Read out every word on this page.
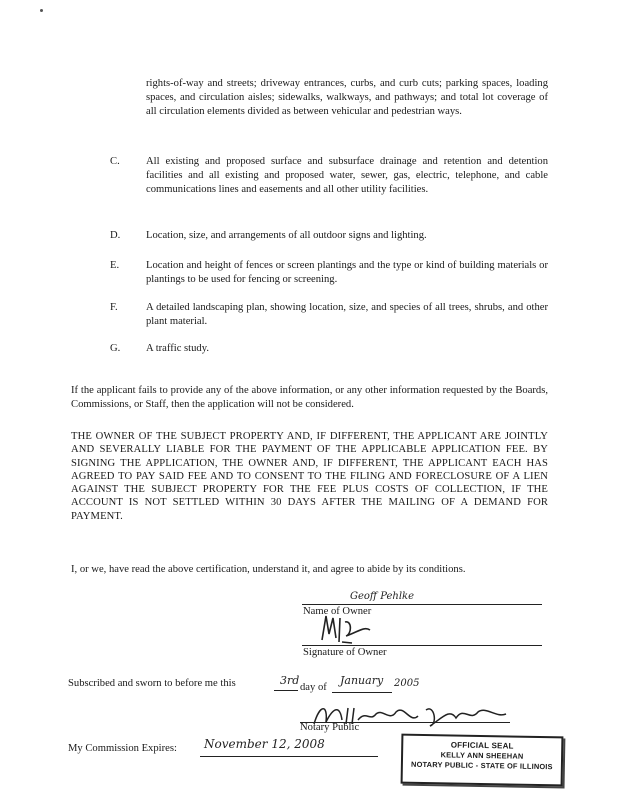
rights-of-way and streets; driveway entrances, curbs, and curb cuts; parking spaces, loading spaces, and circulation aisles; sidewalks, walkways, and pathways; and total lot coverage of all circulation elements divided as between vehicular and pedestrian ways.

C. All existing and proposed surface and subsurface drainage and retention and detention facilities and all existing and proposed water, sewer, gas, electric, telephone, and cable communications lines and easements and all other utility facilities.

D. Location, size, and arrangements of all outdoor signs and lighting.

E.	Location and height of fences or screen plantings and the type or kind of building materials or plantings to be used for fencing or screening.

F.	A detailed landscaping plan, showing location, size, and species of all trees, shrubs, and other plant material.

G. A traffic study.

If the applicant fails to provide any of the above information, or any other information requested by the Boards, Commissions, or Staff, then the application will not be considered.

THE OWNER OF THE SUBJECT PROPERTY AND, IF DIFFERENT, THE APPLICANT ARE JOINTLY AND SEVERALLY LIABLE FOR THE PAYMENT OF THE APPLICABLE APPLICATION FEE. BY SIGNING THE APPLICATION, THE OWNER AND, IF DIFFERENT, THE APPLICANT EACH HAS AGREED TO PAY SAID FEE AND TO CONSENT TO THE FILING AND FORECLOSURE OF A LIEN AGAINST THE SUBJECT PROPERTY FOR THE FEE PLUS COSTS OF COLLECTION, IF THE ACCOUNT IS NOT SETTLED WITHIN 30 DAYS AFTER THE MAILING OF A DEMAND FOR PAYMENT.

I, or we, have read the above certification, understand it, and agree to abide by its conditions.

Geoff Pehlke
Name of Owner
Signature of Owner
Subscribed and sworn to before me this	3rd
day of
January 2005
Notary Public
My Commission Expires: November 12, 2008	OFFICIAL SEAL
KELLY ANN SHEEHAN
NOTARY PUBLIC - STATE OF ILLINOIS
